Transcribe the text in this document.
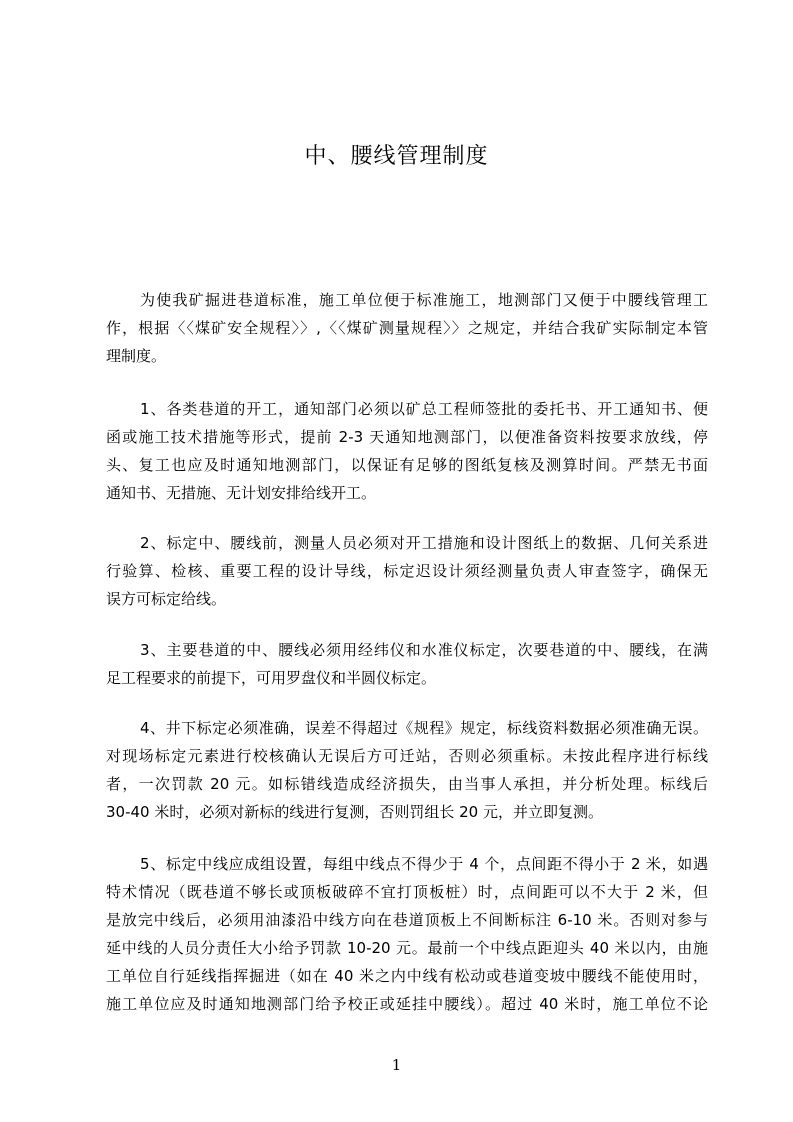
中、腰线管理制度
为使我矿掘进巷道标准，施工单位便于标准施工，地测部门又便于中腰线管理工
作，根据〈〈煤矿安全规程〉〉,〈〈煤矿测量规程〉〉之规定，并结合我矿实际制定本管
理制度。
1、各类巷道的开工，通知部门必须以矿总工程师签批的委托书、开工通知书、便
函或施工技术措施等形式，提前 2-3 天通知地测部门，以便准备资料按要求放线，停
头、复工也应及时通知地测部门，以保证有足够的图纸复核及测算时间。严禁无书面
通知书、无措施、无计划安排给线开工。
2、标定中、腰线前，测量人员必须对开工措施和设计图纸上的数据、几何关系进
行验算、检核、重要工程的设计导线，标定迟设计须经测量负责人审查签字，确保无
误方可标定给线。
3、主要巷道的中、腰线必须用经纬仪和水准仪标定，次要巷道的中、腰线，在满
足工程要求的前提下，可用罗盘仪和半圆仪标定。
4、井下标定必须准确，误差不得超过《规程》规定，标线资料数据必须准确无误。
对现场标定元素进行校核确认无误后方可迁站，否则必须重标。未按此程序进行标线
者，一次罚款 20 元。如标错线造成经济损失，由当事人承担，并分析处理。标线后
30-40 米时，必须对新标的线进行复测，否则罚组长 20 元，并立即复测。
5、标定中线应成组设置，每组中线点不得少于 4 个，点间距不得小于 2 米，如遇
特术情况（既巷道不够长或顶板破碎不宜打顶板桩）时，点间距可以不大于 2 米，但
是放完中线后，必须用油漆沿中线方向在巷道顶板上不间断标注 6-10 米。否则对参与
延中线的人员分责任大小给予罚款 10-20 元。最前一个中线点距迎头 40 米以内，由施
工单位自行延线指挥掘进（如在 40 米之内中线有松动或巷道变坡中腰线不能使用时，
施工单位应及时通知地测部门给予校正或延挂中腰线）。超过 40 米时，施工单位不论
1
